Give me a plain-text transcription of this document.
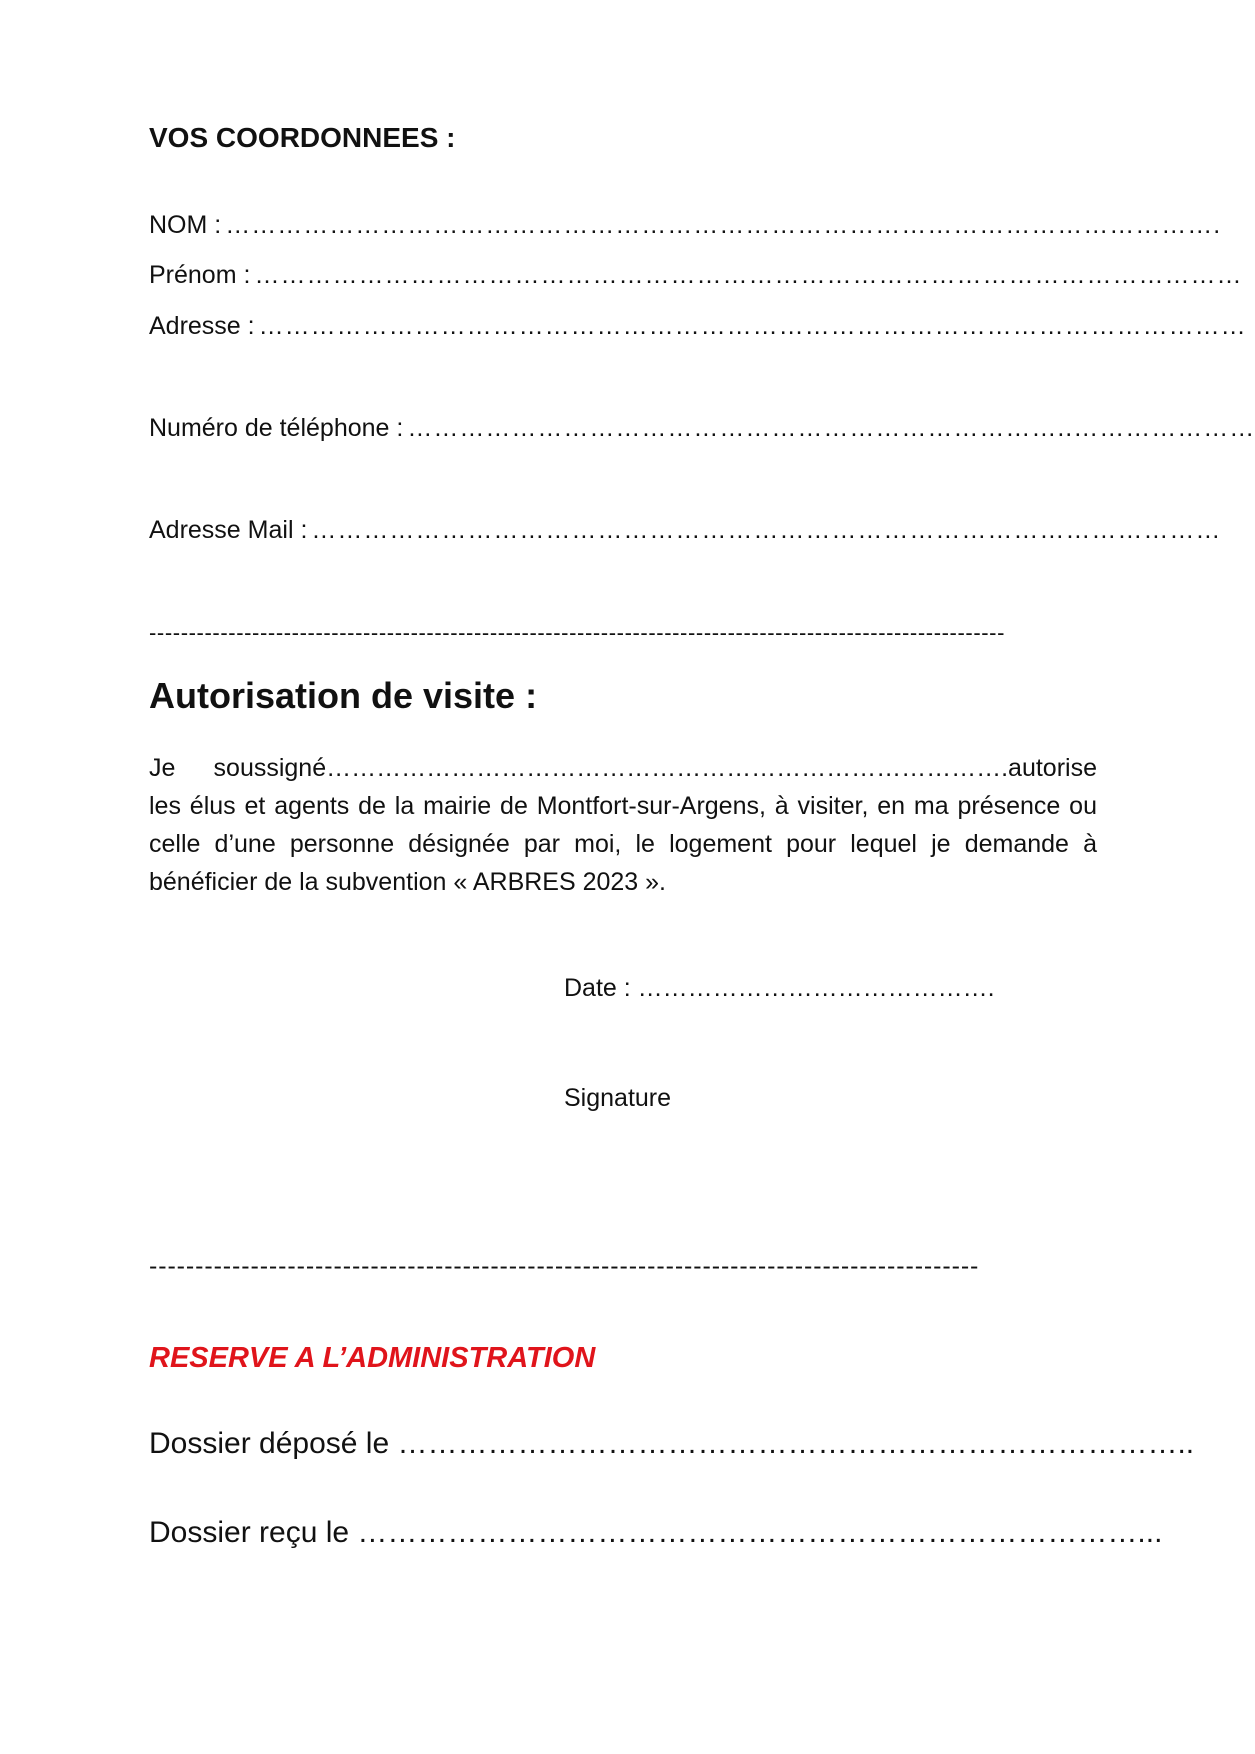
VOS COORDONNEES :
NOM : …………………………………………………………………………………………………….
Prénom : ……………………………………………………………………………………………………
Adresse : ……………………………………………………………………………………………………
Numéro de téléphone : …………………………………………………………………..…………………
Adresse Mail : ……………………………………………………………………………………………
------------------------------------------------------------------------------------------------------------
Autorisation de visite :
Je soussigné……………………………………………………………………….autorise les élus et agents de la mairie de Montfort-sur-Argens, à visiter, en ma présence ou celle d’une personne désignée par moi, le logement pour lequel je demande à bénéficier de la subvention « ARBRES 2023 ».
Date : …………………………………….
Signature
------------------------------------------------------------------------------------------
RESERVE A L’ADMINISTRATION
Dossier déposé le ……………………………………………………………………..
Dossier reçu le ……………………………………………………………………...
